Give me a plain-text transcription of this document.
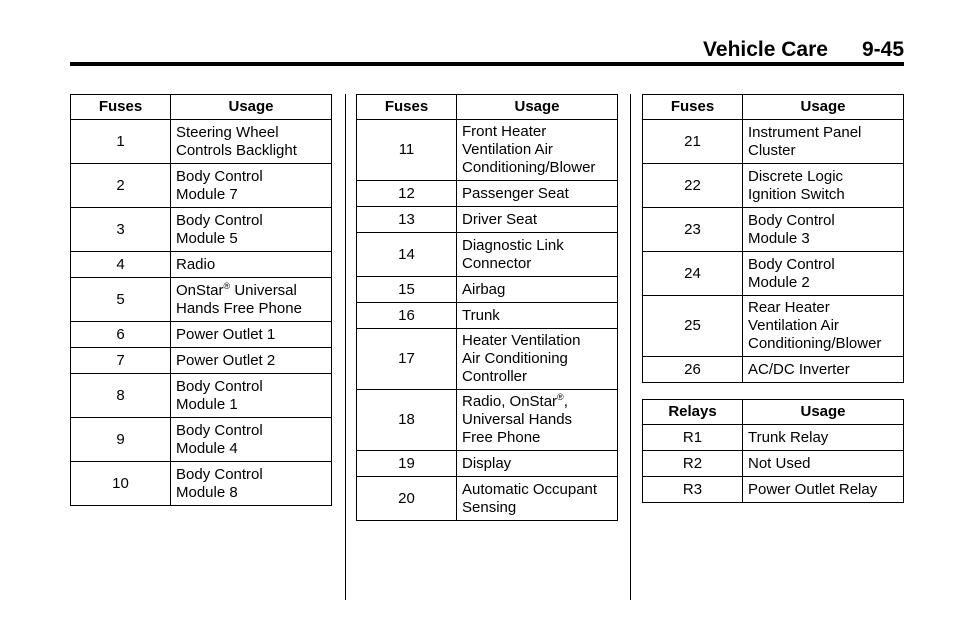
Vehicle Care 9-45
Fuses	Usage
1	Steering Wheel
Controls Backlight

2	Body Control
Module 7

3	Body Control
Module 5

4	Radio

5	OnStar® Universal
Hands Free Phone

6	Power Outlet 1

7	Power Outlet 2

8	Body Control
Module 1

9	Body Control
Module 4

10	Body Control
Module 8
Fuses	Usage
11	Front Heater
Ventilation Air
Conditioning/Blower

12	Passenger Seat

13	Driver Seat

14	Diagnostic Link
Connector

15	Airbag

16	Trunk

17	Heater Ventilation
Air Conditioning
Controller

18	Radio, OnStar®,
Universal Hands
Free Phone

19	Display

20	Automatic Occupant
Sensing
Fuses	Usage
21	Instrument Panel
Cluster

22	Discrete Logic
Ignition Switch

23	Body Control
Module 3

24	Body Control
Module 2

25	Rear Heater
Ventilation Air
Conditioning/Blower

26	AC/DC Inverter
Relays	Usage
R1	Trunk Relay

R2	Not Used

R3	Power Outlet Relay
